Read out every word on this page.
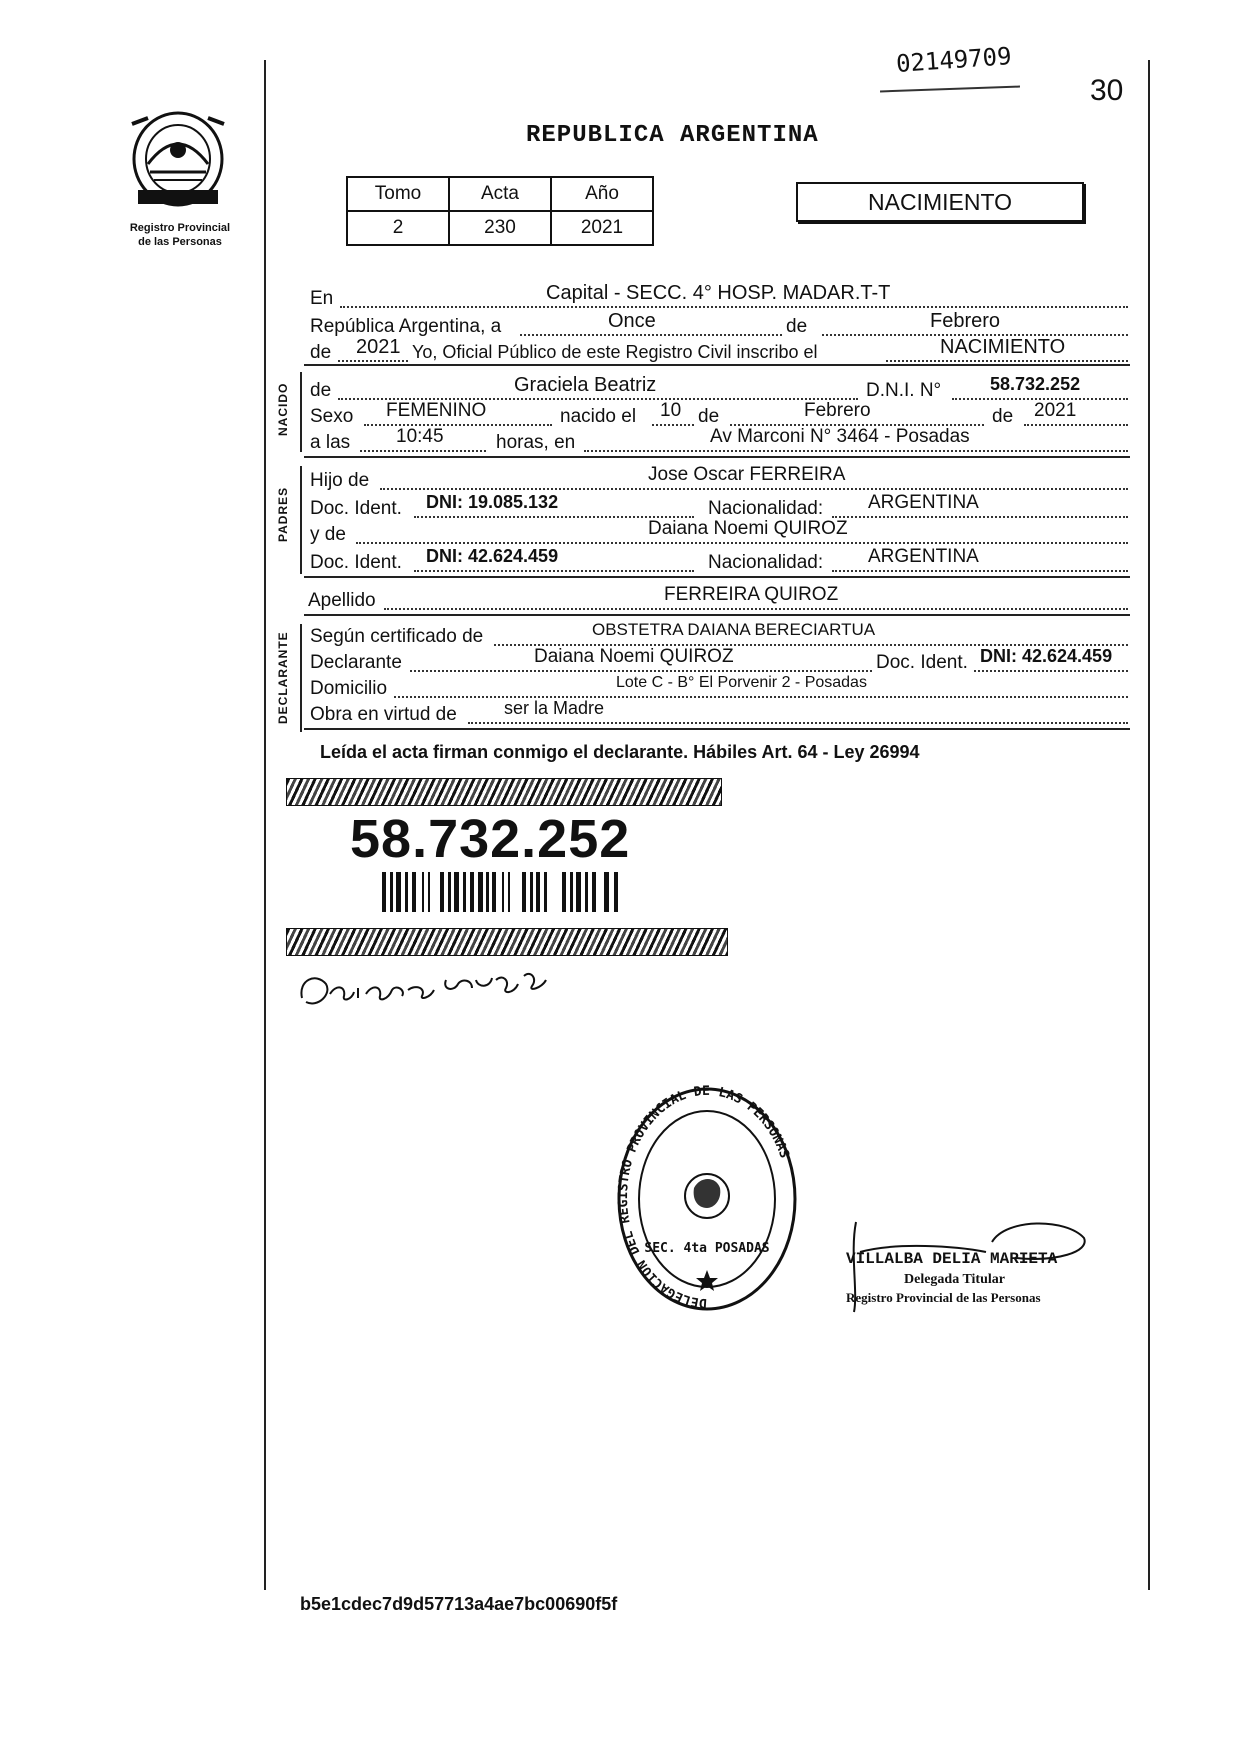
02149709
30
Registro Provincial
de las Personas
REPUBLICA ARGENTINA
Tomo	Acta	Año
2	230	2021
NACIMIENTO
En	Capital - SECC. 4° HOSP. MADAR.T-T
República Argentina, a	Once	de	Febrero
de 2021 Yo, Oficial Público de este Registro Civil inscribo el	NACIMIENTO
NACIDO de	Graciela Beatriz	D.N.I. N°	58.732.252
Sexo FEMENINO	nacido el 10 de	Febrero	de 2021
a las 10:45	horas, en	Av Marconi N° 3464 - Posadas
PADRES
Hijo de	Jose Oscar FERREIRA
Doc. Ident. DNI: 19.085.132	Nacionalidad: ARGENTINA
y de	Daiana Noemi QUIROZ
Doc. Ident. DNI: 42.624.459	Nacionalidad: ARGENTINA
Apellido	FERREIRA QUIROZ
DECLARANTE Según certificado de	OBSTETRA DAIANA BERECIARTUA
Declarante	Daiana Noemi QUIROZ	Doc. Ident. DNI: 42.624.459
Domicilio	Lote C - B° El Porvenir 2 - Posadas
Obra en virtud de	ser la Madre
Leída el acta firman conmigo el declarante. Hábiles Art. 64 - Ley 26994
58.732.252
DELEGACION DEL REGISTRO PROVINCIAL DE LAS PERSONAS
SEC. 4ta POSADAS
VILLALBA DELIA MARIETA
Delegada Titular
Registro Provincial de las Personas
b5e1cdec7d9d57713a4ae7bc00690f5f
